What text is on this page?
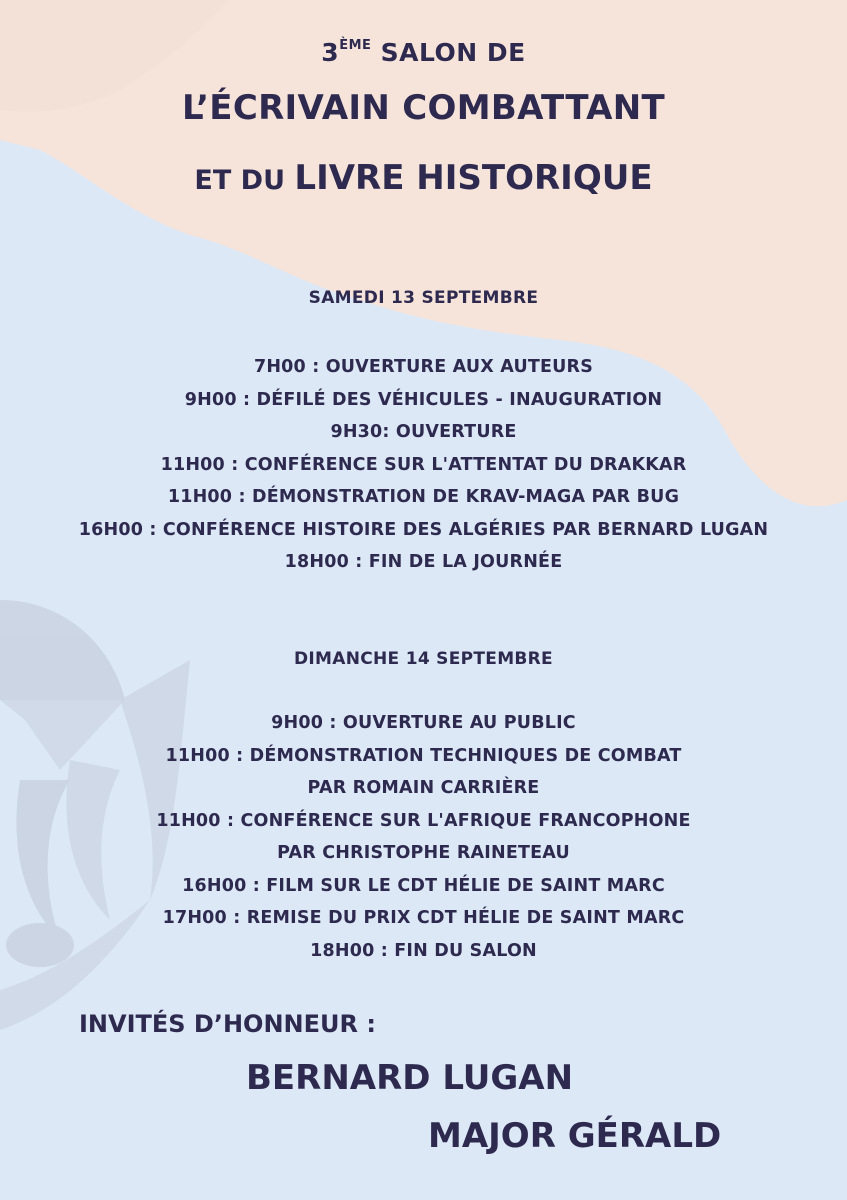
3ÈME SALON DE
L’ÉCRIVAIN COMBATTANT
ET DU LIVRE HISTORIQUE
SAMEDI 13 SEPTEMBRE
7H00 : OUVERTURE AUX AUTEURS
9H00 : DÉFILÉ DES VÉHICULES - INAUGURATION
9H30: OUVERTURE
11H00 : CONFÉRENCE SUR L'ATTENTAT DU DRAKKAR
11H00 : DÉMONSTRATION DE KRAV-MAGA PAR BUG
16H00 : CONFÉRENCE HISTOIRE DES ALGÉRIES PAR BERNARD LUGAN
18H00 : FIN DE LA JOURNÉE
DIMANCHE 14 SEPTEMBRE
9H00 : OUVERTURE AU PUBLIC
11H00 : DÉMONSTRATION TECHNIQUES DE COMBAT
PAR ROMAIN CARRIÈRE
11H00 : CONFÉRENCE SUR L'AFRIQUE FRANCOPHONE
PAR CHRISTOPHE RAINETEAU
16H00 : FILM SUR LE CDT HÉLIE DE SAINT MARC
17H00 : REMISE DU PRIX CDT HÉLIE DE SAINT MARC
18H00 : FIN DU SALON
INVITÉS D’HONNEUR :
BERNARD LUGAN
MAJOR GÉRALD
